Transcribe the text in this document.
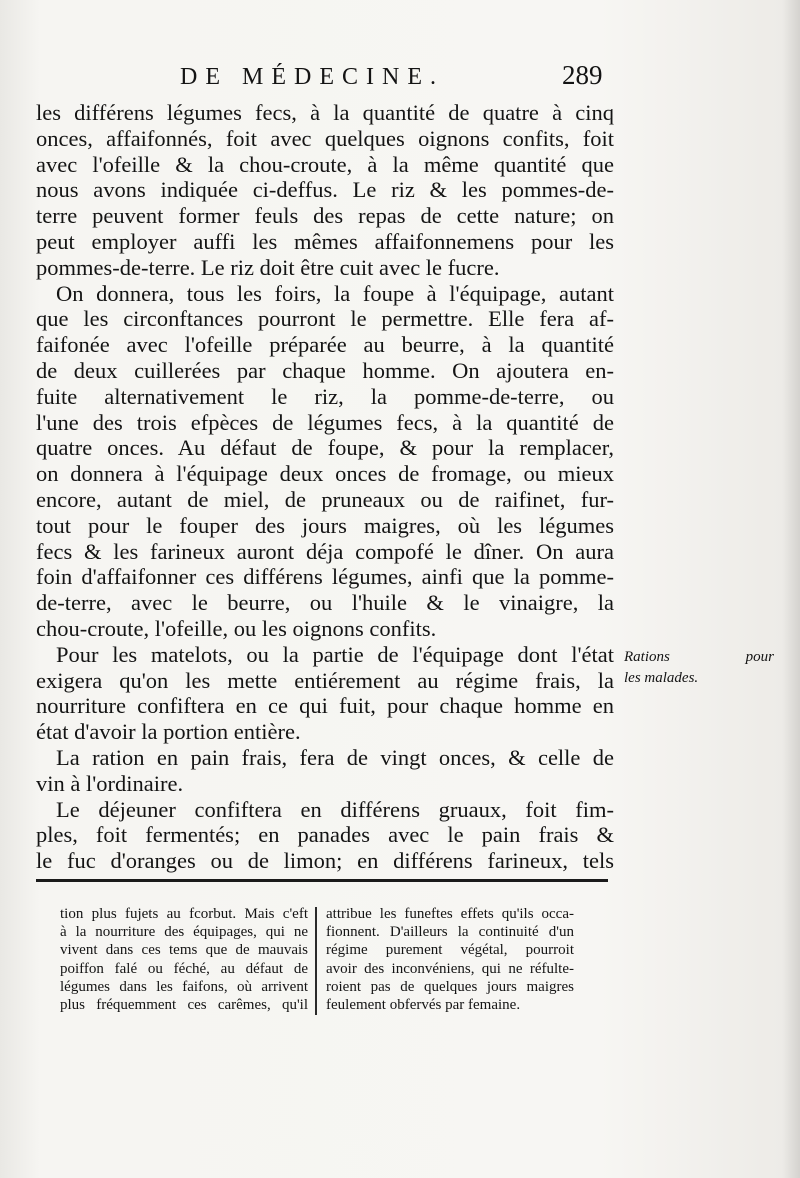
DE MÉDECINE.	289

les différens légumes fecs, à la quantité de quatre à cinq

onces, affaifonnés, foit avec quelques oignons confits, foit

avec l'ofeille & la chou-croute, à la même quantité que

nous avons indiquée ci-deffus. Le riz & les pommes-de-

terre peuvent former feuls des repas de cette nature; on

peut employer auffi les mêmes affaifonnemens pour les

pommes-de-terre. Le riz doit être cuit avec le fucre.

On donnera, tous les foirs, la foupe à l'équipage, autant

que les circonftances pourront le permettre. Elle fera af-

faifonée avec l'ofeille préparée au beurre, à la quantité

de deux cuillerées par chaque homme. On ajoutera en-

fuite alternativement le riz, la pomme-de-terre, ou

l'une des trois efpèces de légumes fecs, à la quantité de

quatre onces. Au défaut de foupe, & pour la remplacer,

on donnera à l'équipage deux onces de fromage, ou mieux

encore, autant de miel, de pruneaux ou de raifinet, fur-

tout pour le fouper des jours maigres, où les légumes

fecs & les farineux auront déja compofé le dîner. On aura

foin d'affaifonner ces différens légumes, ainfi que la pomme-

de-terre, avec le beurre, ou l'huile & le vinaigre, la

chou-croute, l'ofeille, ou les oignons confits.

Pour les matelots, ou la partie de l'équipage dont l'état

exigera qu'on les mette entiérement au régime frais, la

nourriture confiftera en ce qui fuit, pour chaque homme en

état d'avoir la portion entière.

La ration en pain frais, fera de vingt onces, & celle de

vin à l'ordinaire.

Le déjeuner confiftera en différens gruaux, foit fim-

ples, foit fermentés; en panades avec le pain frais &

le fuc d'oranges ou de limon; en différens farineux, tels

Rations pour
les malades.

tion plus fujets au fcorbut. Mais c'eft

à la nourriture des équipages, qui ne

vivent dans ces tems que de mauvais

poiffon falé ou féché, au défaut de

légumes dans les faifons, où arrivent

plus fréquemment ces carêmes, qu'il

attribue les funeftes effets qu'ils occa-

fionnent. D'ailleurs la continuité d'un

régime purement végétal, pourroit

avoir des inconvéniens, qui ne réfulte-

roient pas de quelques jours maigres

feulement obfervés par femaine.
